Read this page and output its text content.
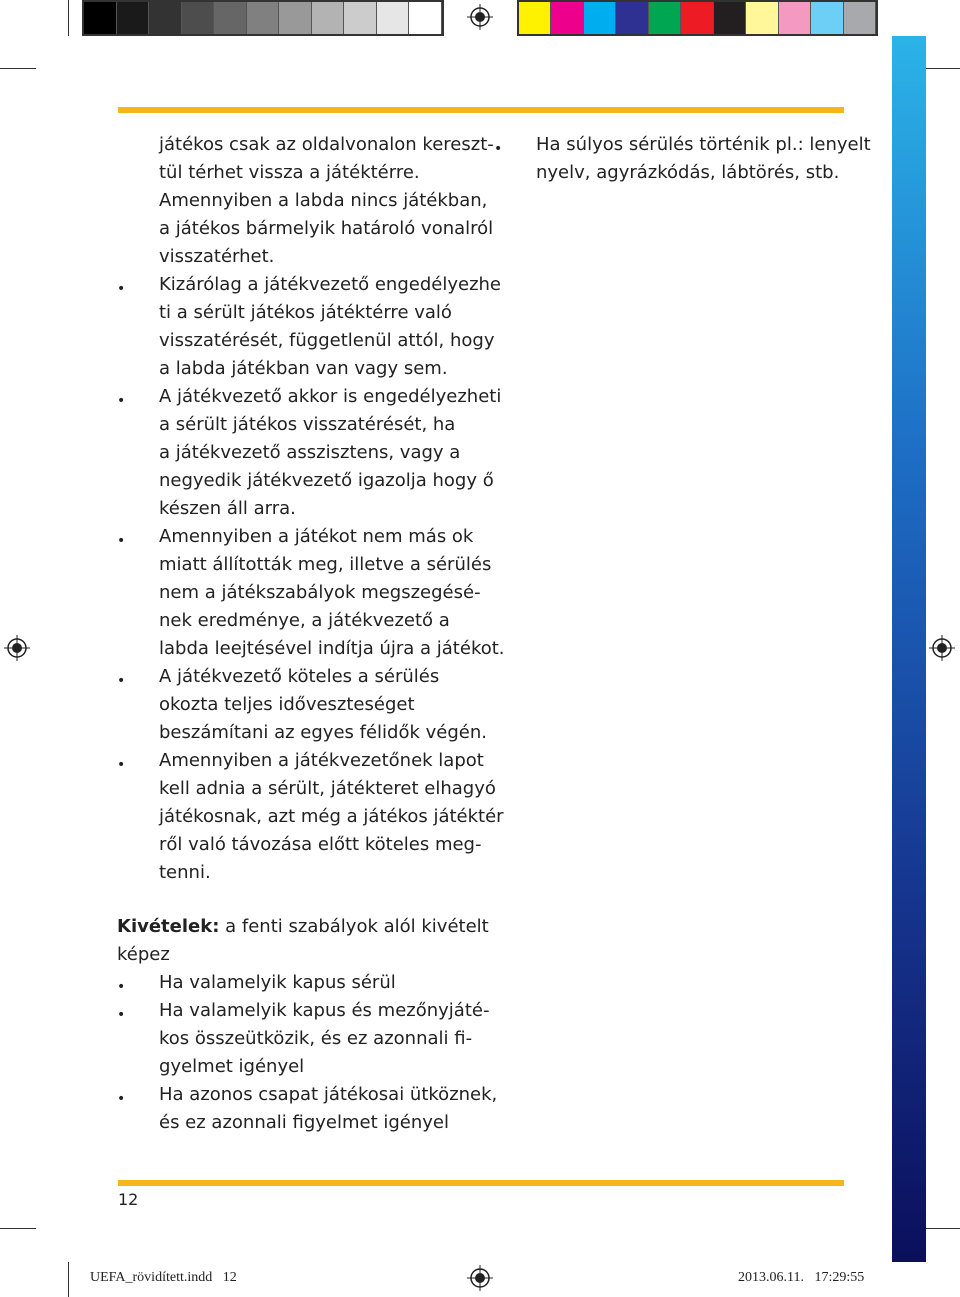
játékos csak az oldalvonalon kereszt-
tül térhet vissza a játéktérre.
Amennyiben a labda nincs játékban,
a játékos bármelyik határoló vonalról
visszatérhet.
• Kizárólag a játékvezető engedélyezhe
ti a sérült játékos játéktérre való
visszatérését, függetlenül attól, hogy
a labda játékban van vagy sem.
• A játékvezető akkor is engedélyezheti
a sérült játékos visszatérését, ha
a játékvezető asszisztens, vagy a
negyedik játékvezető igazolja hogy ő
készen áll arra.
• Amennyiben a játékot nem más ok
miatt állították meg, illetve a sérülés
nem a játékszabályok megszegésé-
nek eredménye, a játékvezető a
labda leejtésével indítja újra a játékot.
• A játékvezető köteles a sérülés
okozta teljes időveszteséget
beszámítani az egyes félidők végén.
• Amennyiben a játékvezetőnek lapot
kell adnia a sérült, játékteret elhagyó
játékosnak, azt még a játékos játéktér
ről való távozása előtt köteles meg-
tenni.
Kivételek: a fenti szabályok alól kivételt
képez
• Ha valamelyik kapus sérül
• Ha valamelyik kapus és mezőnyjáté-
kos összeütközik, és ez azonnali fi-
gyelmet igényel
• Ha azonos csapat játékosai ütköznek,
és ez azonnali figyelmet igényel
• Ha súlyos sérülés történik pl.: lenyelt
nyelv, agyrázkódás, lábtörés, stb.
12
UEFA_rövidített.indd   12	2013.06.11.   17:29:55
